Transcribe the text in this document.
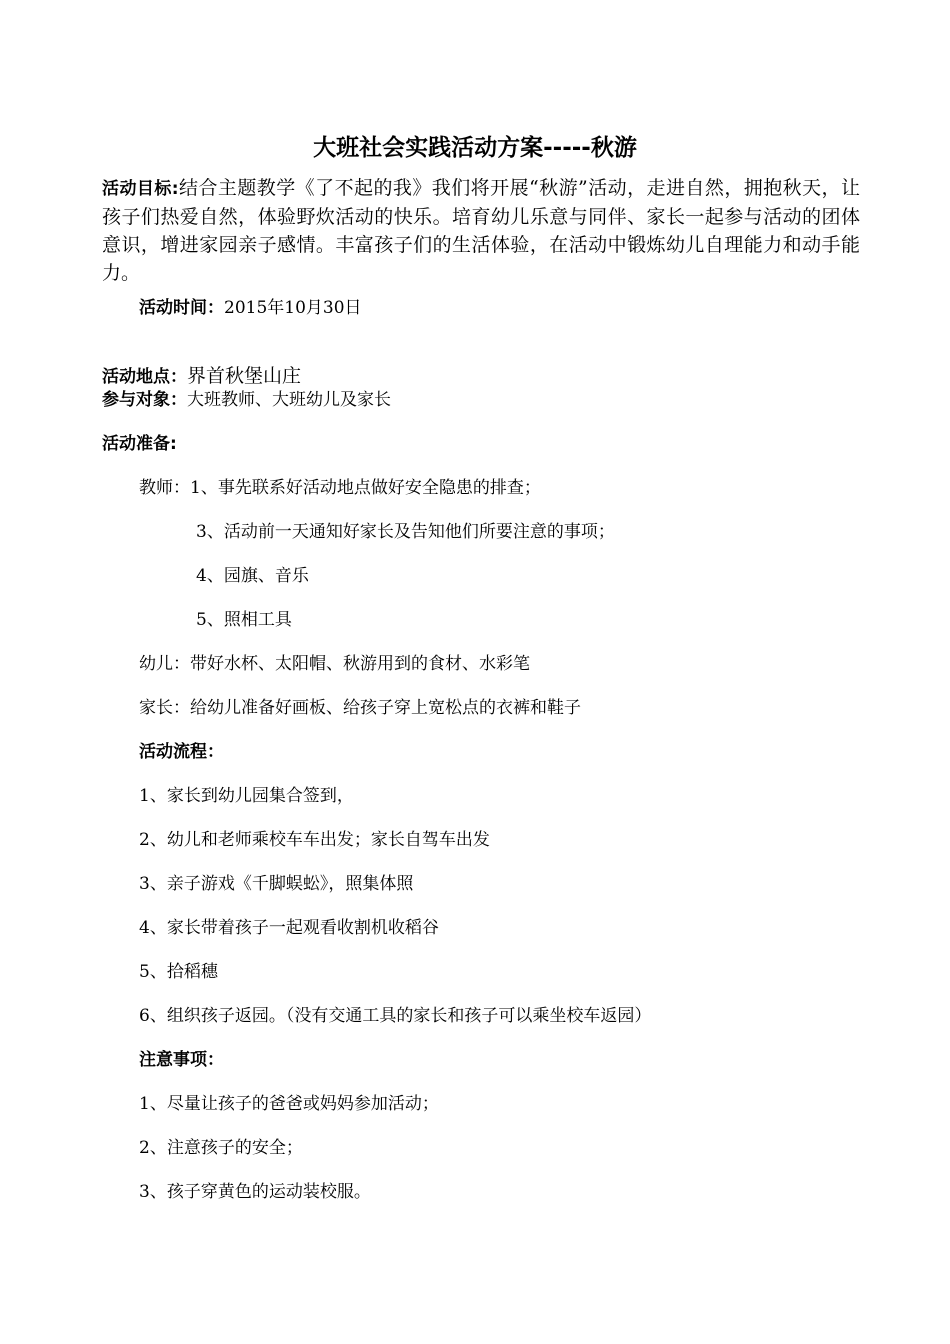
大班社会实践活动方案-----秋游
活动目标:结合主题教学《了不起的我》我们将开展“秋游”活动，走进自然，拥抱秋天，让孩子们热爱自然，体验野炊活动的快乐。培育幼儿乐意与同伴、家长一起参与活动的团体意识，增进家园亲子感情。丰富孩子们的生活体验，在活动中锻炼幼儿自理能力和动手能力。
活动时间：2015年10月30日
活动地点：界首秋堡山庄
参与对象：大班教师、大班幼儿及家长
活动准备:
教师：1、事先联系好活动地点做好安全隐患的排查；
3、活动前一天通知好家长及告知他们所要注意的事项；
4、园旗、音乐
5、照相工具
幼儿：带好水杯、太阳帽、秋游用到的食材、水彩笔
家长：给幼儿准备好画板、给孩子穿上宽松点的衣裤和鞋子
活动流程：
1、家长到幼儿园集合签到，
2、幼儿和老师乘校车车出发；家长自驾车出发
3、亲子游戏《千脚蜈蚣》，照集体照
4、家长带着孩子一起观看收割机收稻谷
5、拾稻穗
6、组织孩子返园。（没有交通工具的家长和孩子可以乘坐校车返园）
注意事项：
1、尽量让孩子的爸爸或妈妈参加活动；
2、注意孩子的安全；
3、孩子穿黄色的运动装校服。
